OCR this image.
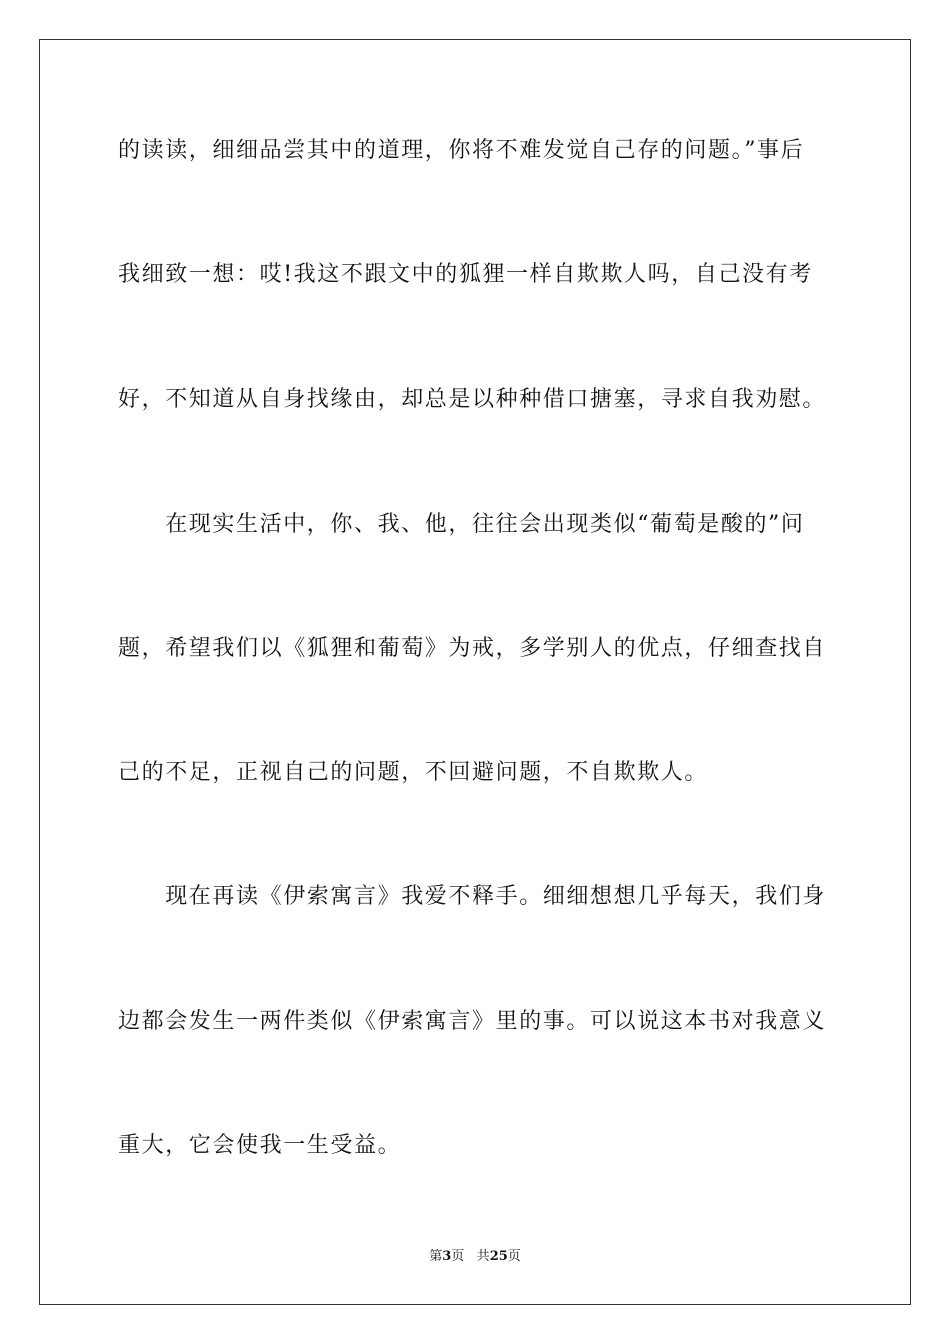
的读读，细细品尝其中的道理，你将不难发觉自己存的问题。”事后
我细致一想：哎!我这不跟文中的狐狸一样自欺欺人吗，自己没有考
好，不知道从自身找缘由，却总是以种种借口搪塞，寻求自我劝慰。
　　在现实生活中，你、我、他，往往会出现类似“葡萄是酸的”问
题，希望我们以《狐狸和葡萄》为戒，多学别人的优点，仔细查找自
己的不足，正视自己的问题，不回避问题，不自欺欺人。
　　现在再读《伊索寓言》我爱不释手。细细想想几乎每天，我们身
边都会发生一两件类似《伊索寓言》里的事。可以说这本书对我意义
重大，它会使我一生受益。
第3页 共25页
